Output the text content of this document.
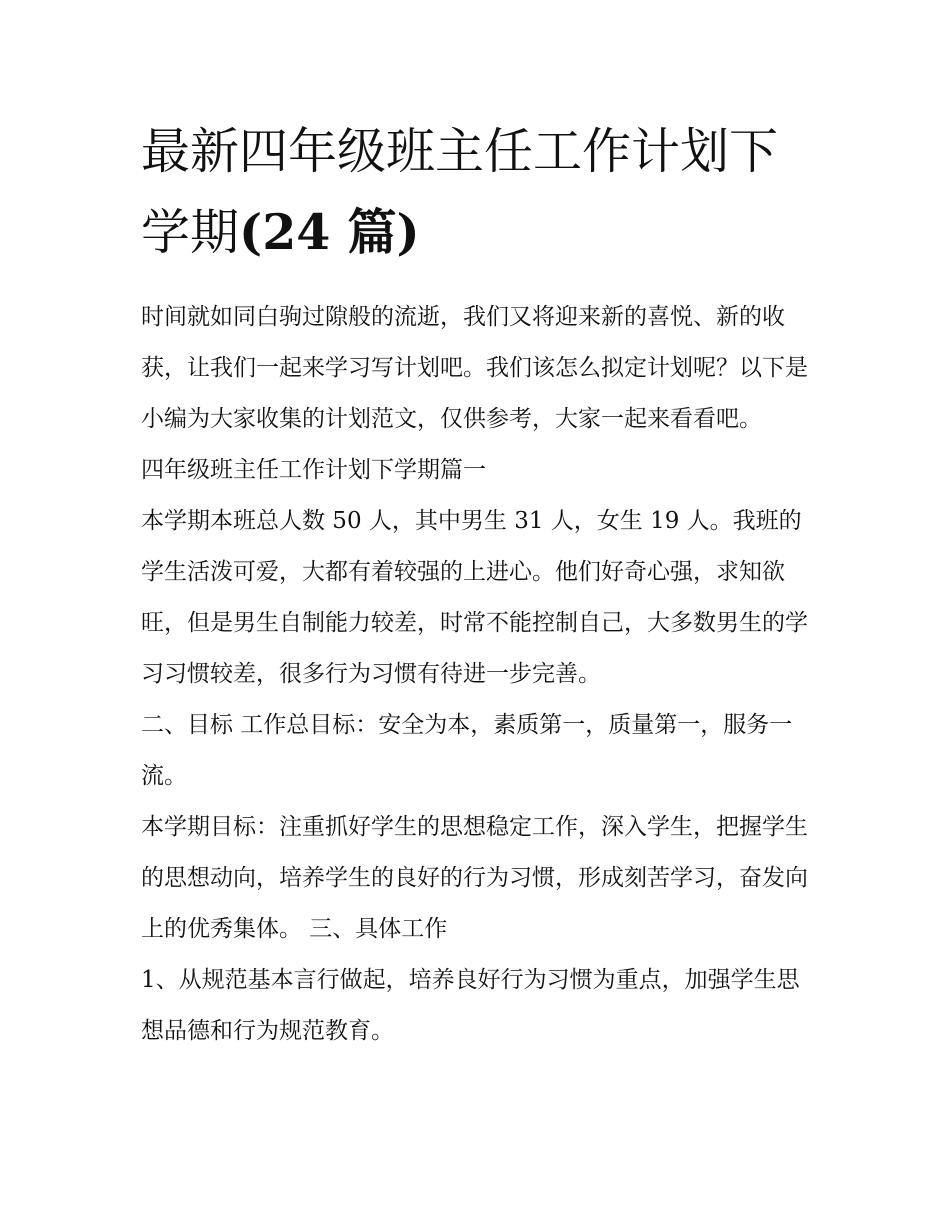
最新四年级班主任工作计划下学期(24 篇)

时间就如同白驹过隙般的流逝，我们又将迎来新的喜悦、新的收获，让我们一起来学习写计划吧。我们该怎么拟定计划呢？以下是小编为大家收集的计划范文，仅供参考，大家一起来看看吧。

四年级班主任工作计划下学期篇一

本学期本班总人数 50 人，其中男生 31 人，女生 19 人。我班的学生活泼可爱，大都有着较强的上进心。他们好奇心强，求知欲旺，但是男生自制能力较差，时常不能控制自己，大多数男生的学习习惯较差，很多行为习惯有待进一步完善。

二、目标 工作总目标：安全为本，素质第一，质量第一，服务一流。

本学期目标：注重抓好学生的思想稳定工作，深入学生，把握学生的思想动向，培养学生的良好的行为习惯，形成刻苦学习，奋发向上的优秀集体。 三、具体工作

1、从规范基本言行做起，培养良好行为习惯为重点，加强学生思想品德和行为规范教育。
